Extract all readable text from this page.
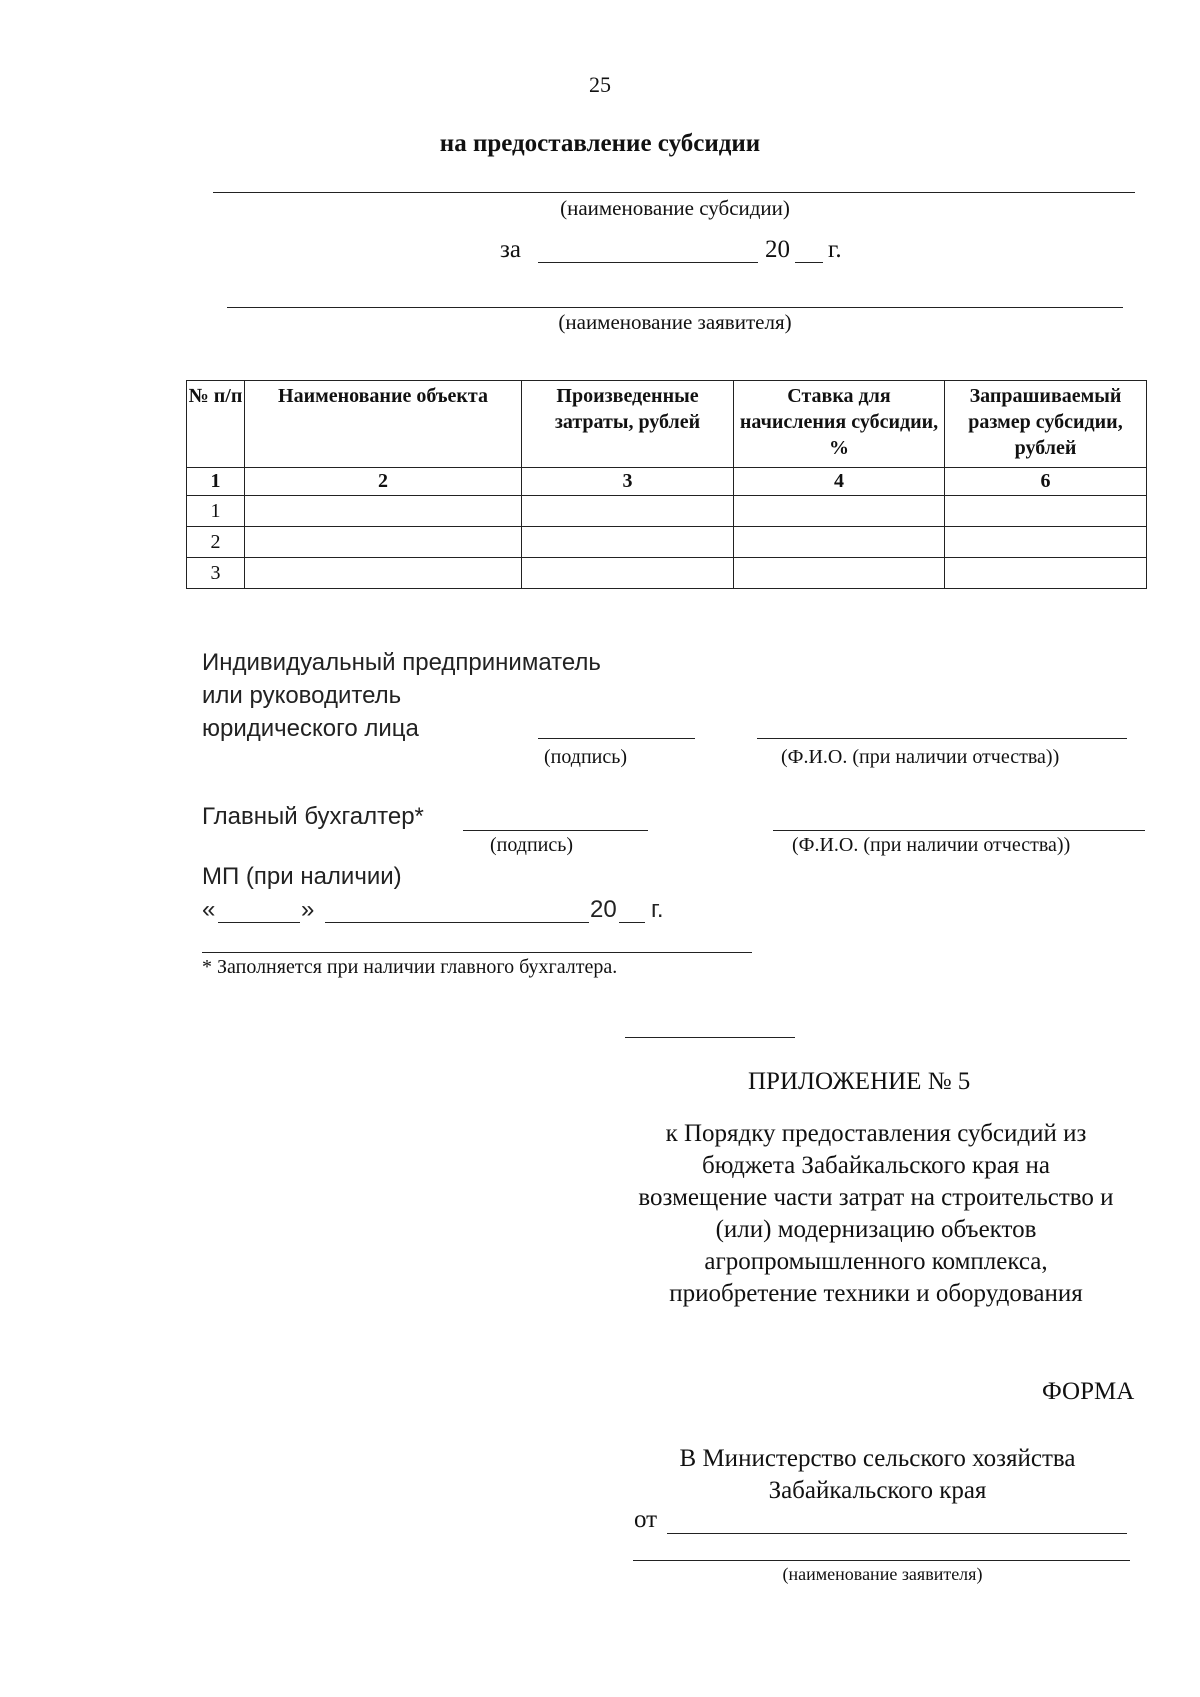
25
на предоставление субсидии
(наименование субсидии)
за	20 г.
(наименование заявителя)
№ п/п	Наименование объекта	Произведенные затраты, рублей	Ставка для начисления субсидии, %	Запрашиваемый размер субсидии, рублей
1	2	3	4	6
1				
2				
3				
Индивидуальный предприниматель
или руководитель
юридического лица
(подпись)	(Ф.И.О. (при наличии отчества))
Главный бухгалтер*
(подпись)	(Ф.И.О. (при наличии отчества))
МП (при наличии)
«	»	20 г.
* Заполняется при наличии главного бухгалтера.
ПРИЛОЖЕНИЕ № 5
к Порядку предоставления субсидий из
бюджета Забайкальского края на
возмещение части затрат на строительство и
(или) модернизацию объектов
агропромышленного комплекса,
приобретение техники и оборудования
ФОРМА
В Министерство сельского хозяйства
Забайкальского края
от
(наименование заявителя)
